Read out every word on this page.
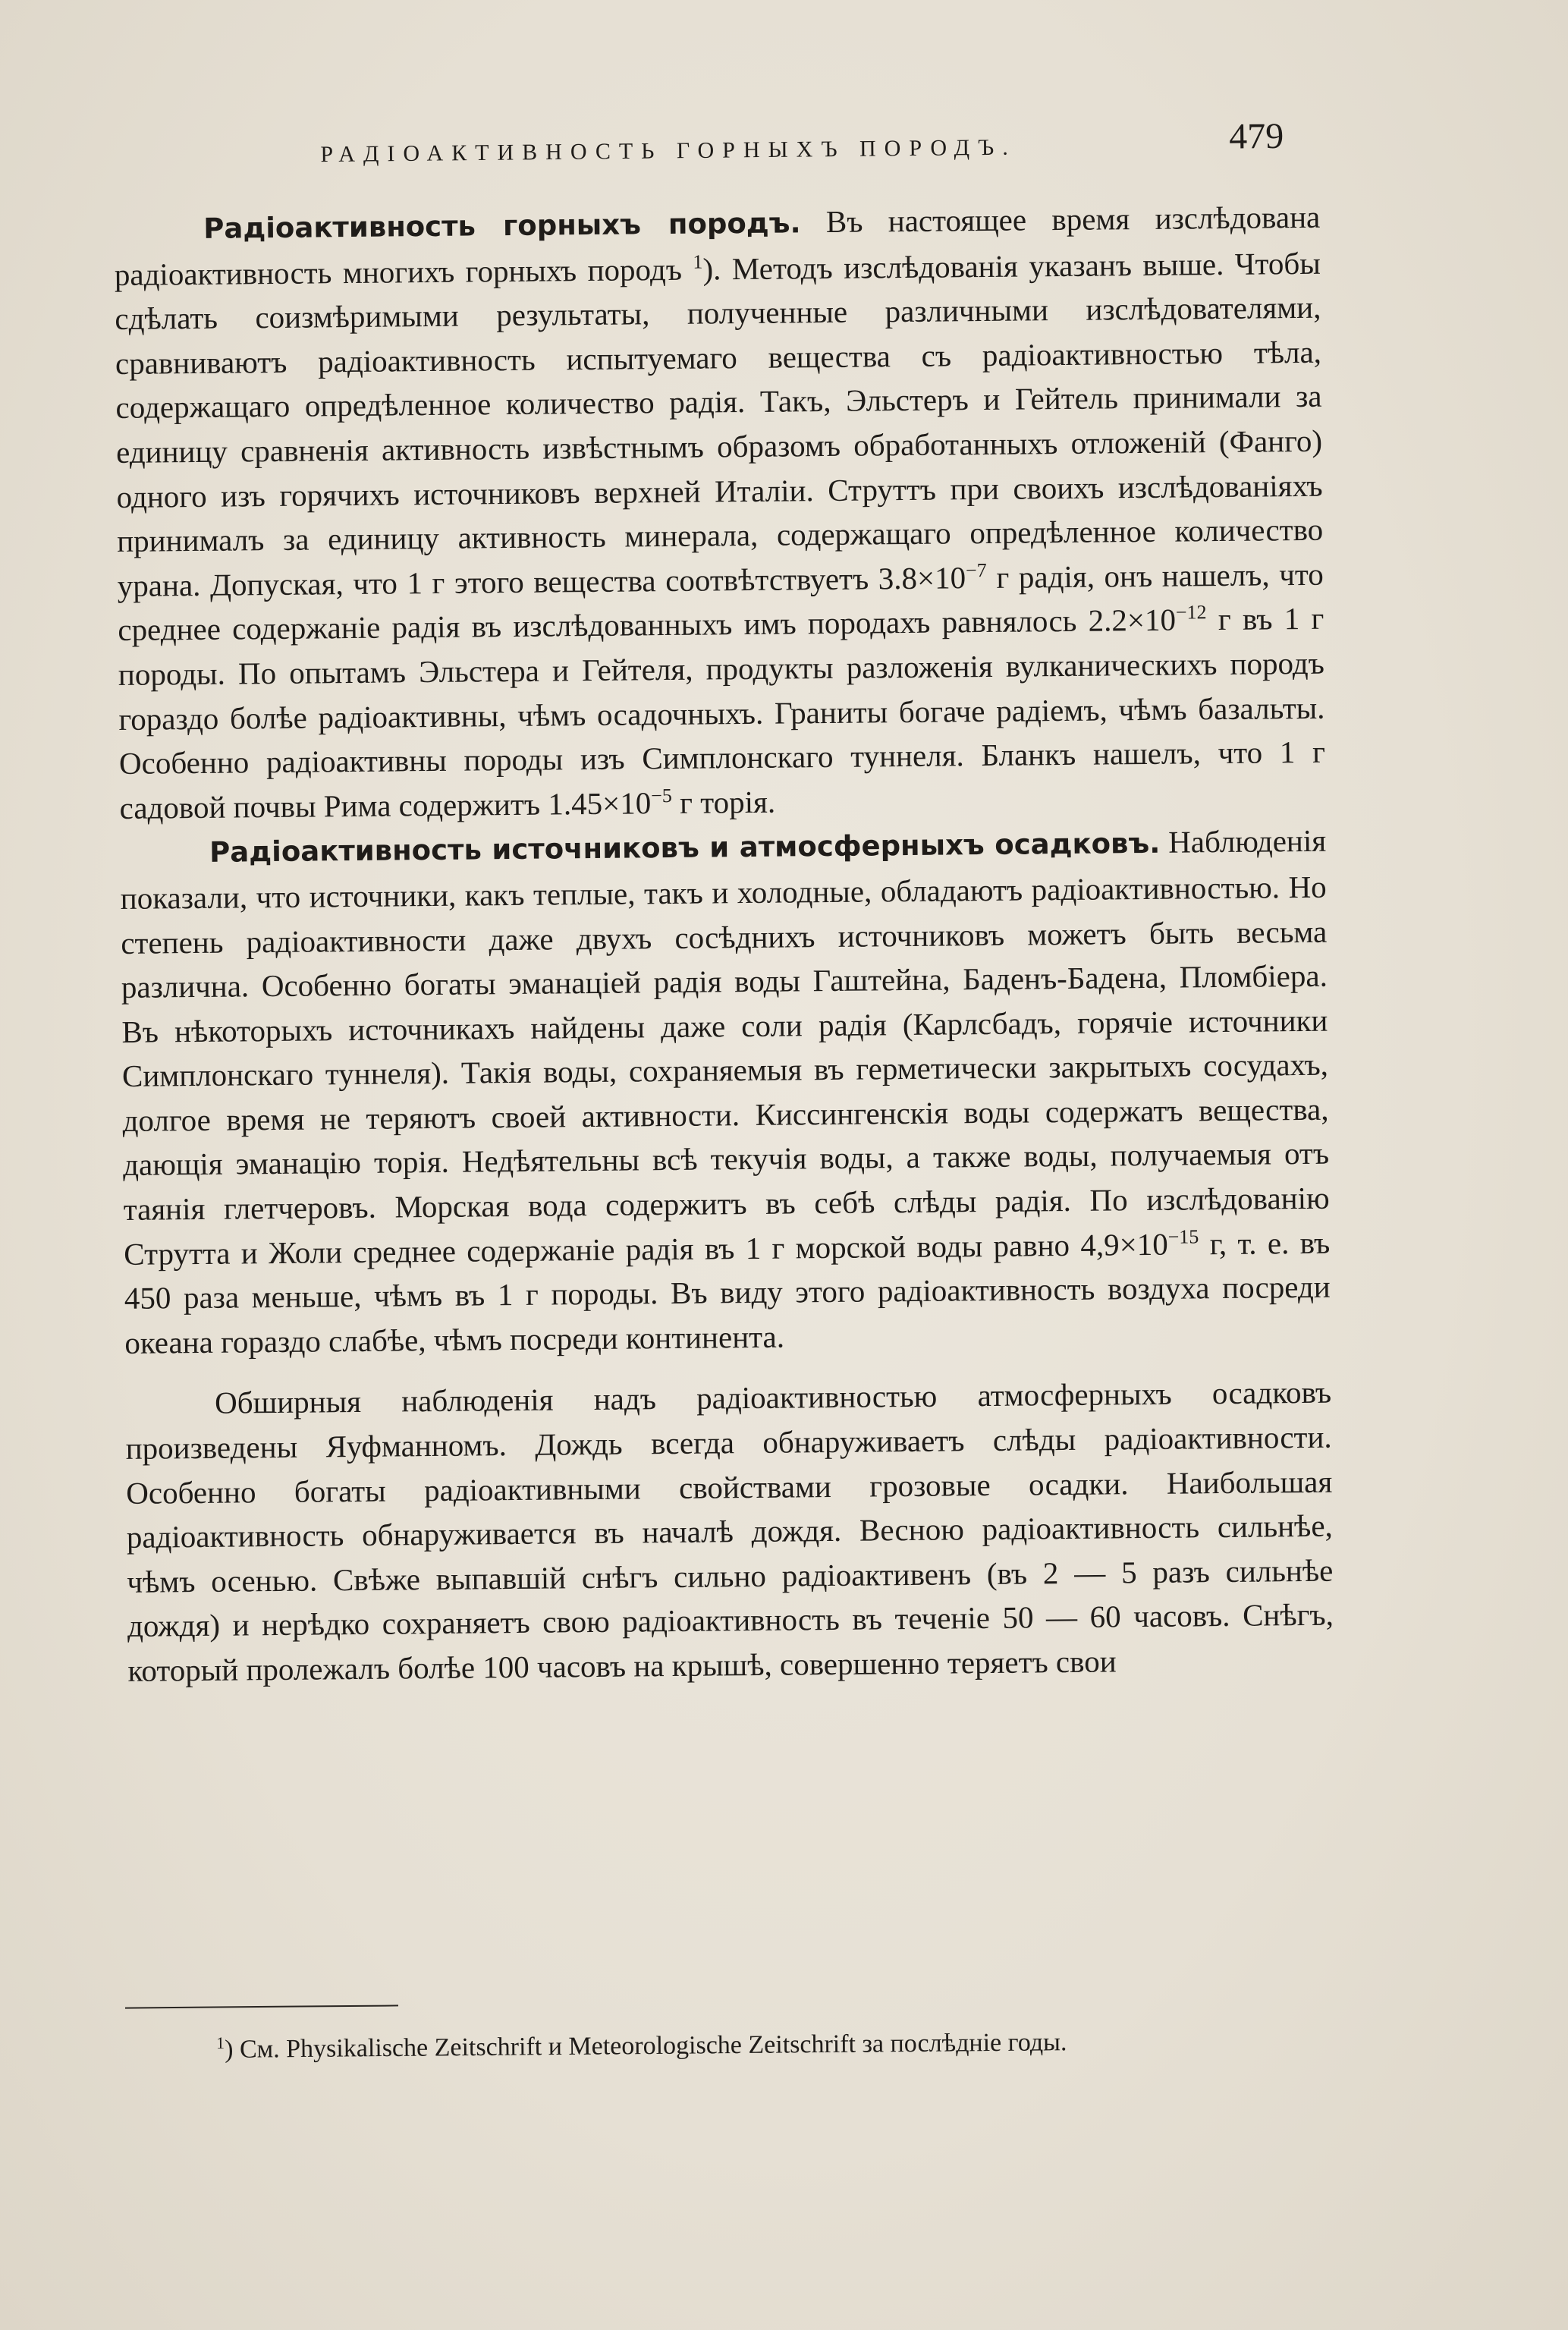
РАДІОАКТИВНОСТЬ ГОРНЫХЪ ПОРОДЪ.	479

Радіоактивность горныхъ породъ. Въ настоящее время изслѣдована радіоактивность многихъ горныхъ породъ $^1$). Методъ изслѣдованія указанъ выше. Чтобы сдѣлать соизмѣримыми результаты, полученные различными изслѣдователями, сравниваютъ радіоактивность испытуемаго вещества съ радіоактивностью тѣла, содержащаго опредѣленное количество радія. Такъ, Эльстеръ и Гейтель принимали за единицу сравненія активность извѣстнымъ образомъ обработанныхъ отложеній (Фанго) одного изъ горячихъ источниковъ верхней Италіи. Струттъ при своихъ изслѣдованіяхъ принималъ за единицу активность минерала, содержащаго опредѣленное количество урана. Допуская, что 1 г этого вещества соотвѣтствуетъ $3.8\times 10^{-7}$ г радія, онъ нашелъ, что среднее содержаніе радія въ изслѣдованныхъ имъ породахъ равнялось $2.2\times 10^{-12}$ г въ 1 г породы. По опытамъ Эльстера и Гейтеля, продукты разложенія вулканическихъ породъ гораздо болѣе радіоактивны, чѣмъ осадочныхъ. Граниты богаче радіемъ, чѣмъ базальты. Особенно радіоактивны породы изъ Симплонскаго туннеля. Бланкъ нашелъ, что 1 г садовой почвы Рима содержитъ $1.45\times 10^{-5}$ г торія.

Радіоактивность источниковъ и атмосферныхъ осадковъ. Наблюденія показали, что источники, какъ теплые, такъ и холодные, обладаютъ радіоактивностью. Но степень радіоактивности даже двухъ сосѣднихъ источниковъ можетъ быть весьма различна. Особенно богаты эманаціей радія воды Гаштейна, Баденъ-Бадена, Пломбіера. Въ нѣкоторыхъ источникахъ найдены даже соли радія (Карлсбадъ, горячіе источники Симплонскаго туннеля). Такія воды, сохраняемыя въ герметически закрытыхъ сосудахъ, долгое время не теряютъ своей активности. Киссингенскія воды содержатъ вещества, дающія эманацію торія. Недѣятельны всѣ текучія воды, а также воды, получаемыя отъ таянія глетчеровъ. Морская вода содержитъ въ себѣ слѣды радія. По изслѣдованію Струтта и Жоли среднее содержаніе радія въ 1 г морской воды равно $4,9\times 10^{-15}$ г, т. е. въ 450 раза меньше, чѣмъ въ 1 г породы. Въ виду этого радіоактивность воздуха посреди океана гораздо слабѣе, чѣмъ посреди континента.

Обширныя наблюденія надъ радіоактивностью атмосферныхъ осадковъ произведены Яуфманномъ. Дождь всегда обнаруживаетъ слѣды радіоактивности. Особенно богаты радіоактивными свойствами грозовые осадки. Наибольшая радіоактивность обнаруживается въ началѣ дождя. Весною радіоактивность сильнѣе, чѣмъ осенью. Свѣже выпавшій снѣгъ сильно радіоактивенъ (въ 2 — 5 разъ сильнѣе дождя) и нерѣдко сохраняетъ свою радіоактивность въ теченіе 50 — 60 часовъ. Снѣгъ, который пролежалъ болѣе 100 часовъ на крышѣ, совершенно теряетъ свои

$^1$) См. Physikalische Zeitschrift и Meteorologische Zeitschrift за послѣдніе годы.
